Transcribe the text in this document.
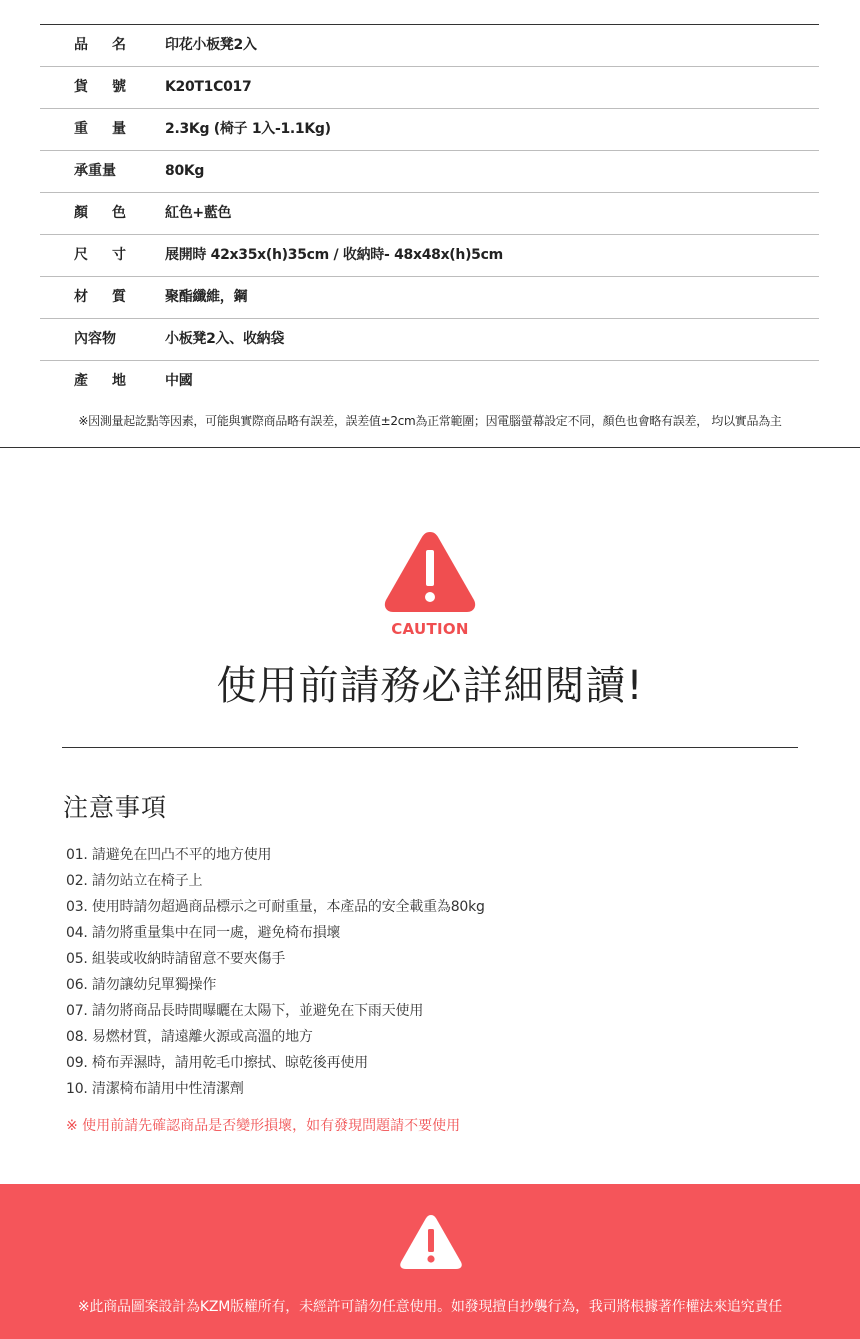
品　名	印花小板凳2入
貨　號	K20T1C017
重　量	2.3Kg (椅子 1入-1.1Kg)
承重量	80Kg
顏　色	紅色+藍色
尺　寸	展開時 42x35x(h)35cm / 收納時- 48x48x(h)5cm
材　質	聚酯纖維，鋼
內容物	小板凳2入、收納袋
產　地	中國
※因測量起訖點等因素，可能與實際商品略有誤差，誤差值±2cm為正常範圍；因電腦螢幕設定不同，顏色也會略有誤差， 均以實品為主
CAUTION
使用前請務必詳細閱讀!
注意事項
01. 請避免在凹凸不平的地方使用
02. 請勿站立在椅子上
03. 使用時請勿超過商品標示之可耐重量，本產品的安全載重為80kg
04. 請勿將重量集中在同一處，避免椅布損壞
05. 組裝或收納時請留意不要夾傷手
06. 請勿讓幼兒單獨操作
07. 請勿將商品長時間曝曬在太陽下，並避免在下雨天使用
08. 易燃材質，請遠離火源或高溫的地方
09. 椅布弄濕時，請用乾毛巾擦拭、晾乾後再使用
10. 清潔椅布請用中性清潔劑
※ 使用前請先確認商品是否變形損壞，如有發現問題請不要使用
※此商品圖案設計為KZM版權所有，未經許可請勿任意使用。如發現擅自抄襲行為，我司將根據著作權法來追究責任
